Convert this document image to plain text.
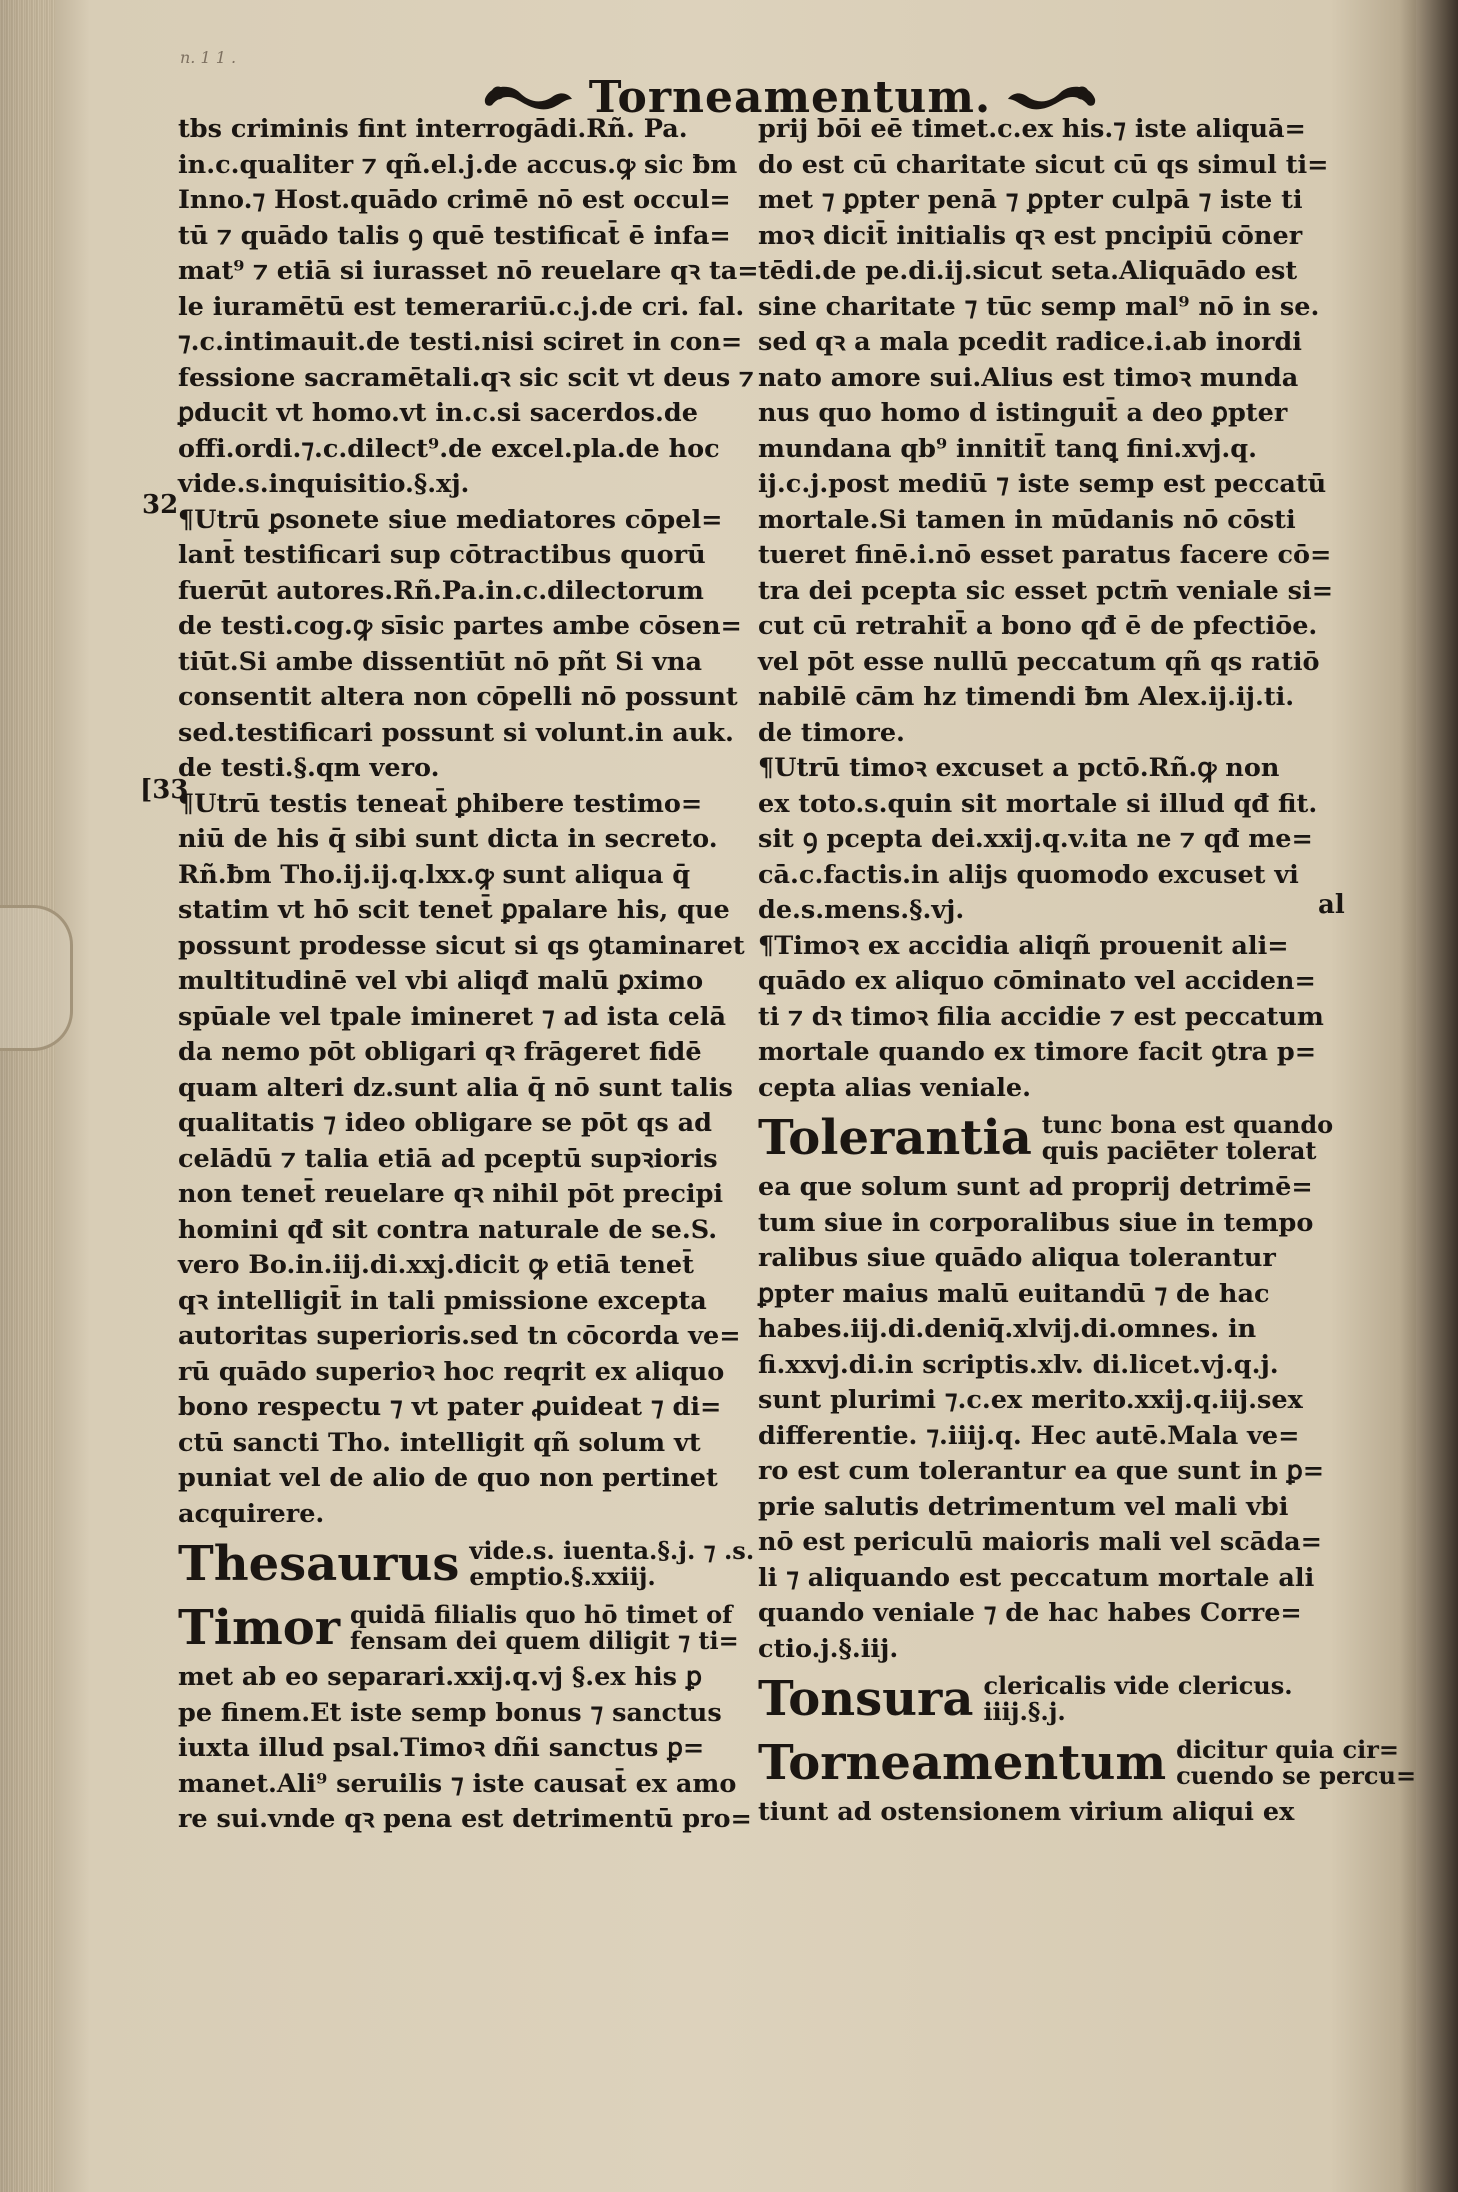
n. 1 1 .
Torneamentum.
tbs criminis fint interrogādi.Rñ. Pa.
in.c.qualiter ⁊ qñ.el.j.de accus.ꝙ sic ƀm
Inno.⁊ Host.quādo crimē nō est occul=
tū ⁊ quādo talis ꝯ quē testificat̄ ē infa=
mat⁹ ⁊ etiā si iurasset nō reuelare qꝛ ta=
le iuramētū est temerariū.c.j.de cri. fal.
⁊.c.intimauit.de testi.nisi sciret in con=
fessione sacramētali.qꝛ sic scit vt deus ⁊
ꝑducit vt homo.vt in.c.si sacerdos.de
offi.ordi.⁊.c.dilect⁹.de excel.pla.de hoc
vide.s.inquisitio.§.xj.
¶Utrū ꝑsonete siue mediatores cōpel=
lant̄ testificari sup cōtractibus quorū
fuerūt autores.Rñ.Pa.in.c.dilectorum
de testi.cog.ꝙ sīsic partes ambe cōsen=
tiūt.Si ambe dissentiūt nō pñt Si vna
consentit altera non cōpelli nō possunt
sed.testificari possunt si volunt.in auk.
de testi.§.qm vero.
¶Utrū testis teneat̄ ꝑhibere testimo=
niū de his q̄ sibi sunt dicta in secreto.
Rñ.ƀm Tho.ij.ij.q.lxx.ꝙ sunt aliqua q̄
statim vt hō scit tenet̄ ꝑpalare his, que
possunt prodesse sicut si qs ꝯtaminaret
multitudinē vel vbi aliqđ malū ꝑximo
spūale vel tpale imineret ⁊ ad ista celā
da nemo pōt obligari qꝛ frāgeret fidē
quam alteri dz.sunt alia q̄ nō sunt talis
qualitatis ⁊ ideo obligare se pōt qs ad
celādū ⁊ talia etiā ad pceptū supꝛioris
non tenet̄ reuelare qꝛ nihil pōt precipi
homini qđ sit contra naturale de se.S.
vero Bo.in.iij.di.xxj.dicit ꝙ etiā tenet̄
qꝛ intelligit̄ in tali pmissione excepta
autoritas superioris.sed tn cōcorda ve=
rū quādo superioꝛ hoc reqrit ex aliquo
bono respectu ⁊ vt pater ꝓuideat ⁊ di=
ctū sancti Tho. intelligit qñ solum vt
puniat vel de alio de quo non pertinet
acquirere.
Thesaurus vide.s. iuenta.§.j. ⁊ .s.
emptio.§.xxiij.
Timor quidā filialis quo hō timet of
fensam dei quem diligit ⁊ ti=
met ab eo separari.xxij.q.vj §.ex his ꝑ
pe finem.Et iste semp bonus ⁊ sanctus
iuxta illud psal.Timoꝛ dñi sanctus ꝑ=
manet.Ali⁹ seruilis ⁊ iste causat̄ ex amo
re sui.vnde qꝛ pena est detrimentū pro=
32
[33
prij bōi eē timet.c.ex his.⁊ iste aliquā=
do est cū charitate sicut cū qs simul ti=
met ⁊ ꝑpter penā ⁊ ꝑpter culpā ⁊ iste ti
moꝛ dicit̄ initialis qꝛ est pncipiū cōner
tēdi.de pe.di.ij.sicut seta.Aliquādo est
sine charitate ⁊ tūc semp mal⁹ nō in se.
sed qꝛ a mala pcedit radice.i.ab inordi
nato amore sui.Alius est timoꝛ munda
nus quo homo d istinguit̄ a deo ꝑpter
mundana qb⁹ innitit̄ tanꝗ fini.xvj.q.
ij.c.j.post mediū ⁊ iste semp est peccatū
mortale.Si tamen in mūdanis nō cōsti
tueret finē.i.nō esset paratus facere cō=
tra dei pcepta sic esset pctm̄ veniale si=
cut cū retrahit̄ a bono qđ ē de pfectiōe.
vel pōt esse nullū peccatum qñ qs ratiō
nabilē cām hz timendi ƀm Alex.ij.ij.ti.
de timore.
¶Utrū timoꝛ excuset a pctō.Rñ.ꝙ non
ex toto.s.quin sit mortale si illud qđ fit.
sit ꝯ pcepta dei.xxij.q.v.ita ne ⁊ qđ me=
cā.c.factis.in alijs quomodo excuset vi
de.s.mens.§.vj.
¶Timoꝛ ex accidia aliqñ prouenit ali=
quādo ex aliquo cōminato vel acciden=
ti ⁊ dꝛ timoꝛ filia accidie ⁊ est peccatum
mortale quando ex timore facit ꝯtra p=
cepta alias veniale.
Tolerantia tunc bona est quando
quis paciēter tolerat
ea que solum sunt ad proprij detrimē=
tum siue in corporalibus siue in tempo
ralibus siue quādo aliqua tolerantur
ꝑpter maius malū euitandū ⁊ de hac
habes.iij.di.deniq̄.xlvij.di.omnes. in
fi.xxvj.di.in scriptis.xlv. di.licet.vj.q.j.
sunt plurimi ⁊.c.ex merito.xxij.q.iij.sex
differentie. ⁊.iiij.q. Hec autē.Mala ve=
ro est cum tolerantur ea que sunt in ꝑ=
prie salutis detrimentum vel mali vbi
nō est periculū maioris mali vel scāda=
li ⁊ aliquando est peccatum mortale ali
quando veniale ⁊ de hac habes Corre=
ctio.j.§.iij.
Tonsura clericalis vide clericus.
iiij.§.j.
Torneamentum dicitur quia cir=
cuendo se percu=
tiunt ad ostensionem virium aliqui ex
al
